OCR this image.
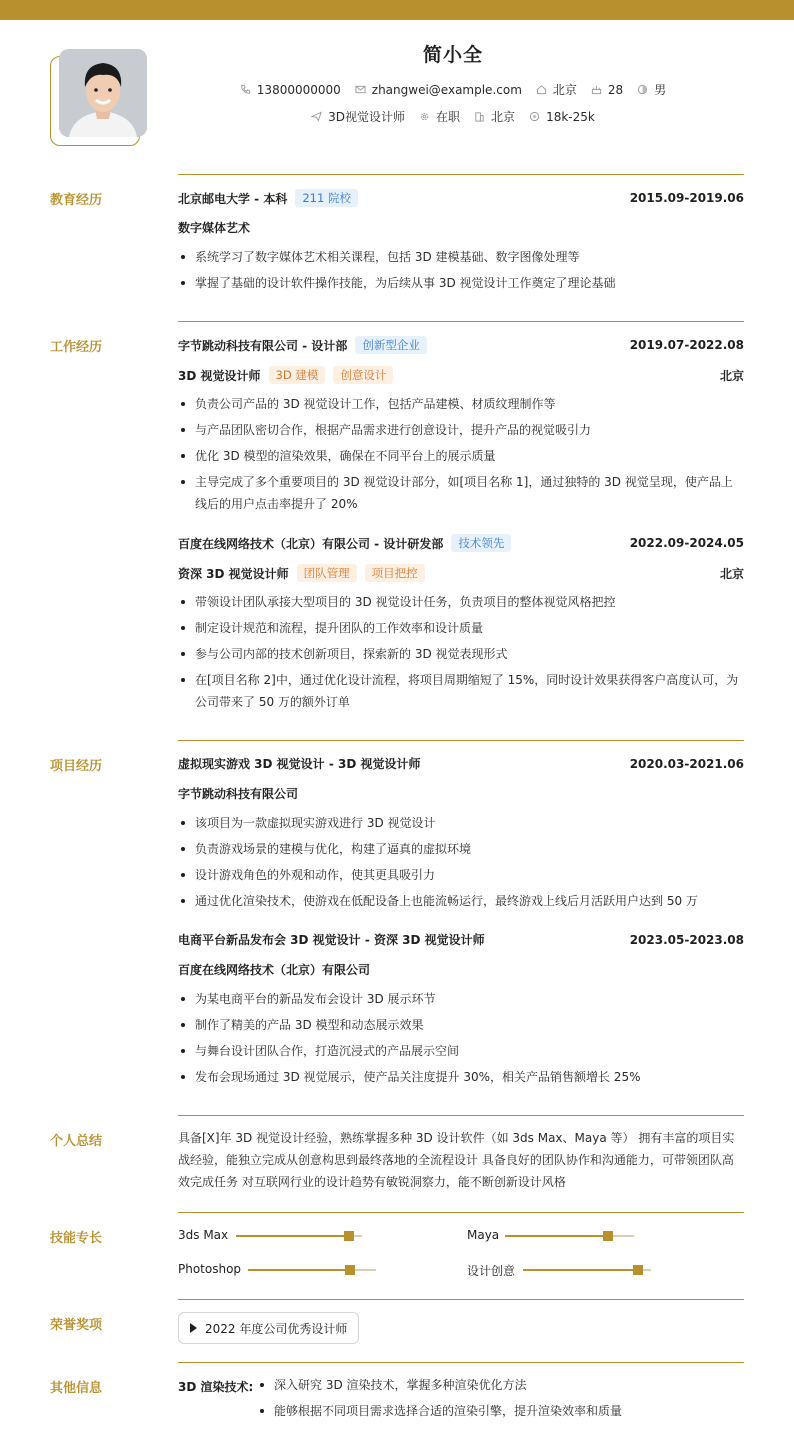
简小全
13800000000	zhangwei@example.com	北京	28	男
3D视觉设计师	在职	北京	18k-25k
教育经历	北京邮电大学 - 本科	211 院校	2015.09-2019.06
数字媒体艺术
系统学习了数字媒体艺术相关课程，包括 3D 建模基础、数字图像处理等
掌握了基础的设计软件操作技能，为后续从事 3D 视觉设计工作奠定了理论基础
工作经历	字节跳动科技有限公司 - 设计部	创新型企业	2019.07-2022.08
3D 视觉设计师	3D 建模	创意设计	北京
负责公司产品的 3D 视觉设计工作，包括产品建模、材质纹理制作等
与产品团队密切合作，根据产品需求进行创意设计，提升产品的视觉吸引力
优化 3D 模型的渲染效果，确保在不同平台上的展示质量
主导完成了多个重要项目的 3D 视觉设计部分，如[项目名称 1]，通过独特的 3D 视觉呈现，使产品上线后的用户点击率提升了 20%
百度在线网络技术（北京）有限公司 - 设计研发部	技术领先	2022.09-2024.05
资深 3D 视觉设计师	团队管理	项目把控	北京
带领设计团队承接大型项目的 3D 视觉设计任务，负责项目的整体视觉风格把控
制定设计规范和流程，提升团队的工作效率和设计质量
参与公司内部的技术创新项目，探索新的 3D 视觉表现形式
在[项目名称 2]中，通过优化设计流程，将项目周期缩短了 15%，同时设计效果获得客户高度认可，为公司带来了 50 万的额外订单
项目经历	虚拟现实游戏 3D 视觉设计 - 3D 视觉设计师	2020.03-2021.06
字节跳动科技有限公司
该项目为一款虚拟现实游戏进行 3D 视觉设计
负责游戏场景的建模与优化，构建了逼真的虚拟环境
设计游戏角色的外观和动作，使其更具吸引力
通过优化渲染技术，使游戏在低配设备上也能流畅运行，最终游戏上线后月活跃用户达到 50 万
电商平台新品发布会 3D 视觉设计 - 资深 3D 视觉设计师	2023.05-2023.08
百度在线网络技术（北京）有限公司
为某电商平台的新品发布会设计 3D 展示环节
制作了精美的产品 3D 模型和动态展示效果
与舞台设计团队合作，打造沉浸式的产品展示空间
发布会现场通过 3D 视觉展示，使产品关注度提升 30%，相关产品销售额增长 25%
个人总结	具备[X]年 3D 视觉设计经验，熟练掌握多种 3D 设计软件（如 3ds Max、Maya 等） 拥有丰富的项目实战经验，能独立完成从创意构思到最终落地的全流程设计 具备良好的团队协作和沟通能力，可带领团队高效完成任务 对互联网行业的设计趋势有敏锐洞察力，能不断创新设计风格
技能专长	3ds Max	Maya
Photoshop	设计创意
荣誉奖项	2022 年度公司优秀设计师
其他信息	3D 渲染技术:	深入研究 3D 渲染技术，掌握多种渲染优化方法
能够根据不同项目需求选择合适的渲染引擎，提升渲染效率和质量
